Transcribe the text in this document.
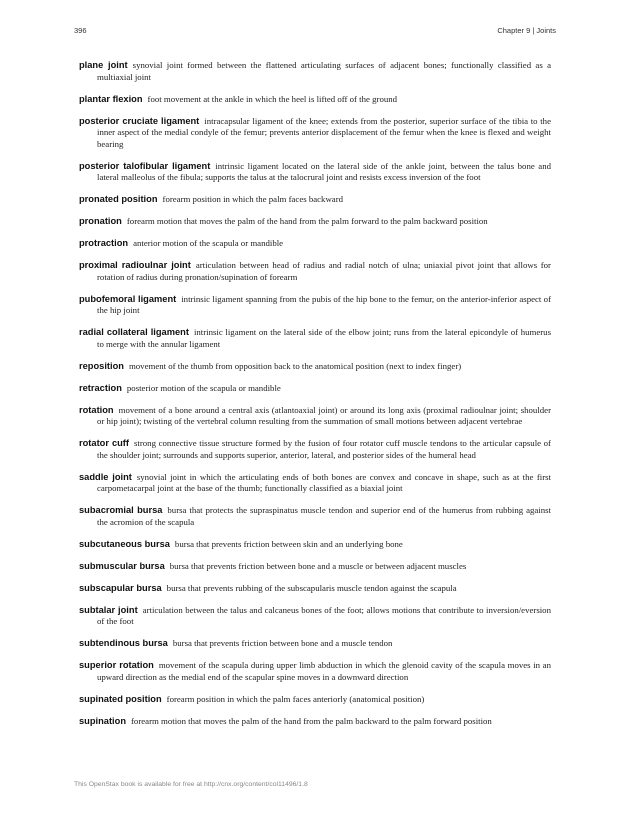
396	Chapter 9 | Joints

plane joint synovial joint formed between the flattened articulating surfaces of adjacent bones; functionally classified as a multiaxial joint

plantar flexion foot movement at the ankle in which the heel is lifted off of the ground

posterior cruciate ligament intracapsular ligament of the knee; extends from the posterior, superior surface of the tibia to the inner aspect of the medial condyle of the femur; prevents anterior displacement of the femur when the knee is flexed and weight bearing

posterior talofibular ligament intrinsic ligament located on the lateral side of the ankle joint, between the talus bone and lateral malleolus of the fibula; supports the talus at the talocrural joint and resists excess inversion of the foot

pronated position forearm position in which the palm faces backward

pronation forearm motion that moves the palm of the hand from the palm forward to the palm backward position

protraction anterior motion of the scapula or mandible

proximal radioulnar joint articulation between head of radius and radial notch of ulna; uniaxial pivot joint that allows for rotation of radius during pronation/supination of forearm

pubofemoral ligament intrinsic ligament spanning from the pubis of the hip bone to the femur, on the anterior-inferior aspect of the hip joint

radial collateral ligament intrinsic ligament on the lateral side of the elbow joint; runs from the lateral epicondyle of humerus to merge with the annular ligament

reposition movement of the thumb from opposition back to the anatomical position (next to index finger)

retraction posterior motion of the scapula or mandible

rotation movement of a bone around a central axis (atlantoaxial joint) or around its long axis (proximal radioulnar joint; shoulder or hip joint); twisting of the vertebral column resulting from the summation of small motions between adjacent vertebrae

rotator cuff strong connective tissue structure formed by the fusion of four rotator cuff muscle tendons to the articular capsule of the shoulder joint; surrounds and supports superior, anterior, lateral, and posterior sides of the humeral head

saddle joint synovial joint in which the articulating ends of both bones are convex and concave in shape, such as at the first carpometacarpal joint at the base of the thumb; functionally classified as a biaxial joint

subacromial bursa bursa that protects the supraspinatus muscle tendon and superior end of the humerus from rubbing against the acromion of the scapula

subcutaneous bursa bursa that prevents friction between skin and an underlying bone

submuscular bursa bursa that prevents friction between bone and a muscle or between adjacent muscles

subscapular bursa bursa that prevents rubbing of the subscapularis muscle tendon against the scapula

subtalar joint articulation between the talus and calcaneus bones of the foot; allows motions that contribute to inversion/eversion of the foot

subtendinous bursa bursa that prevents friction between bone and a muscle tendon

superior rotation movement of the scapula during upper limb abduction in which the glenoid cavity of the scapula moves in an upward direction as the medial end of the scapular spine moves in a downward direction

supinated position forearm position in which the palm faces anteriorly (anatomical position)

supination forearm motion that moves the palm of the hand from the palm backward to the palm forward position

This OpenStax book is available for free at http://cnx.org/content/col11496/1.8
